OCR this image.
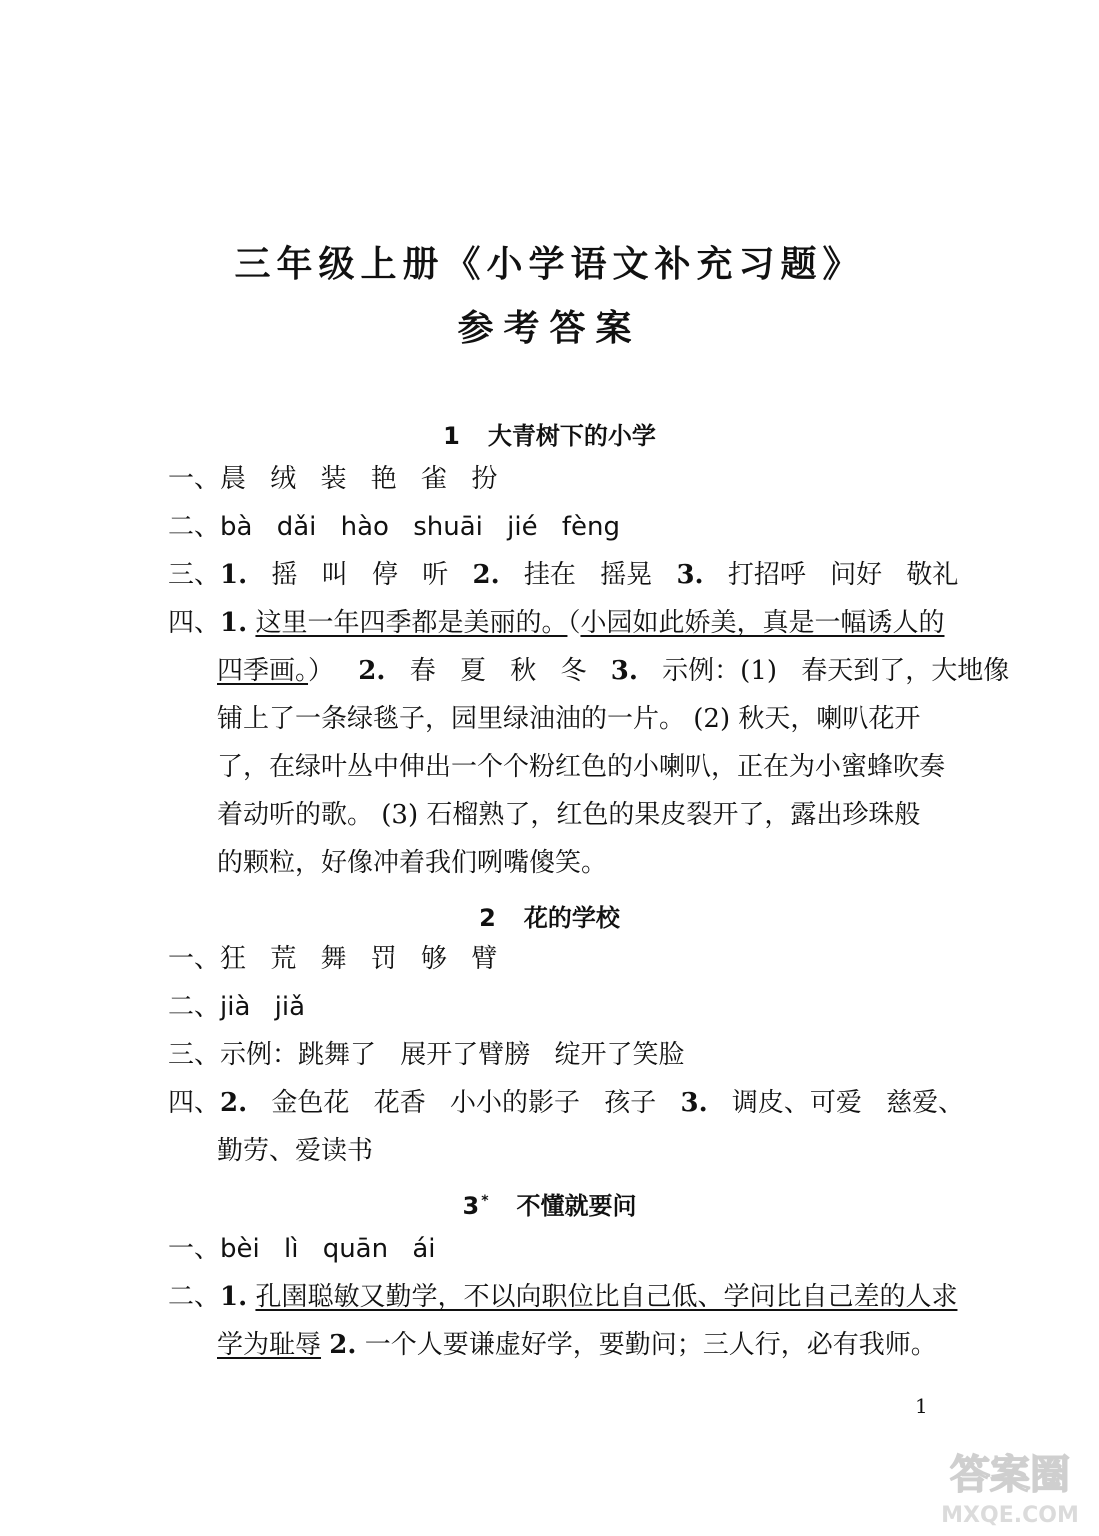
三年级上册《小学语文补充习题》
参考答案
1 大青树下的小学
一、晨 绒 装 艳 雀 扮
二、bà dǎi hào shuāi jié fèng
三、1. 摇 叫 停 听 2. 挂在 摇晃 3. 打招呼 问好 敬礼
四、1. 这里一年四季都是美丽的。（小园如此娇美，真是一幅诱人的
四季画。） 2. 春 夏 秋 冬 3. 示例：(1) 春天到了，大地像
铺上了一条绿毯子，园里绿油油的一片。 (2) 秋天，喇叭花开
了，在绿叶丛中伸出一个个粉红色的小喇叭，正在为小蜜蜂吹奏
着动听的歌。 (3) 石榴熟了，红色的果皮裂开了，露出珍珠般
的颗粒，好像冲着我们咧嘴傻笑。
2 花的学校
一、狂 荒 舞 罚 够 臂
二、jià jiǎ
三、示例：跳舞了 展开了臂膀 绽开了笑脸
四、2. 金色花 花香 小小的影子 孩子 3. 调皮、可爱 慈爱、
勤劳、爱读书
3 * 不懂就要问
一、bèi lì quān ái
二、1. 孔圉聪敏又勤学，不以向职位比自己低、学问比自己差的人求
学为耻辱 2. 一个人要谦虚好学，要勤问；三人行，必有我师。
1
答案圈
MXQE.COM
